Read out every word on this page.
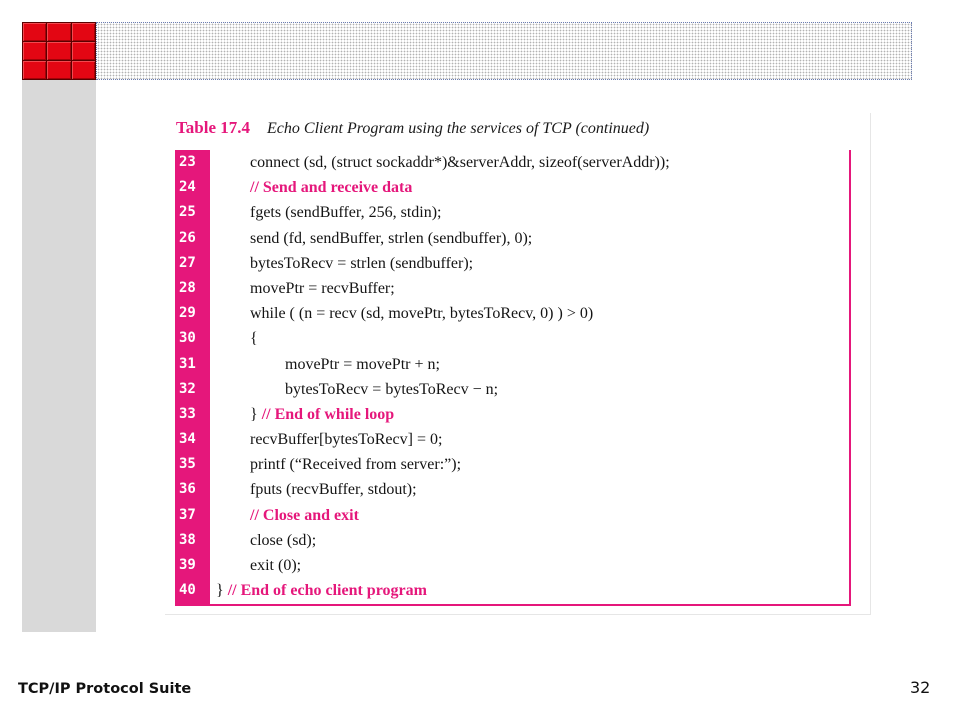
Table 17.4 Echo Client Program using the services of TCP (continued)
23	connect (sd, (struct sockaddr*)&serverAddr, sizeof(serverAddr));
24	// Send and receive data
25	fgets (sendBuffer, 256, stdin);
26	send (fd, sendBuffer, strlen (sendbuffer), 0);
27	bytesToRecv = strlen (sendbuffer);
28	movePtr = recvBuffer;
29	while ( (n = recv (sd, movePtr, bytesToRecv, 0) ) > 0)
30	{
31	movePtr = movePtr + n;
32	bytesToRecv = bytesToRecv − n;
33	} // End of while loop
34	recvBuffer[bytesToRecv] = 0;
35	printf (“Received from server:”);
36	fputs (recvBuffer, stdout);
37	// Close and exit
38	close (sd);
39	exit (0);
40	} // End of echo client program
TCP/IP Protocol Suite	32
